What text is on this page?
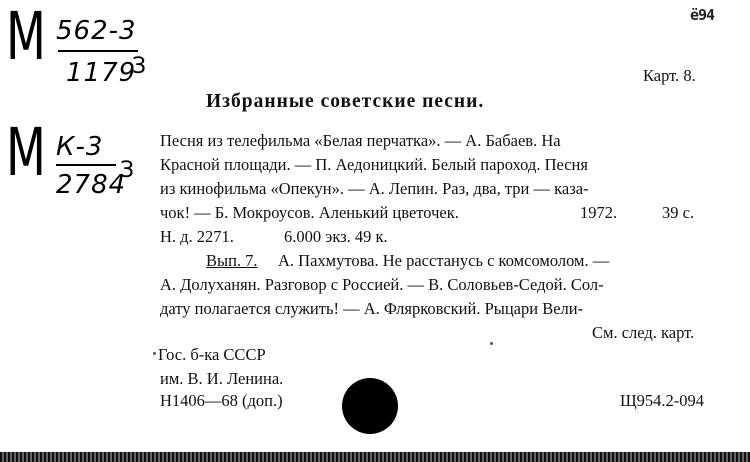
М 562-3
1179
З
М К-3
2784
З
ё94
Карт. 8.
Избранные советские песни.
Песня из телефильма «Белая перчатка». — А. Бабаев. На
Красной площади. — П. Аедоницкий. Белый пароход. Песня
из кинофильма «Опекун». — А. Лепин. Раз, два, три — каза-
чок! — Б. Мокроусов. Аленький цветочек.	1972.	39 с.
Н. д. 2271.	6.000 экз. 49 к.
Вып. 7. А. Пахмутова. Не расстанусь с комсомолом. —
А. Долуханян. Разговор с Россией. — В. Соловьев-Седой. Сол-
дату полагается служить! — А. Флярковский. Рыцари Вели-
См. след. карт.
Гос. б-ка СССР
им. В. И. Ленина.
Н1406—68 (доп.)	Щ954.2-094
